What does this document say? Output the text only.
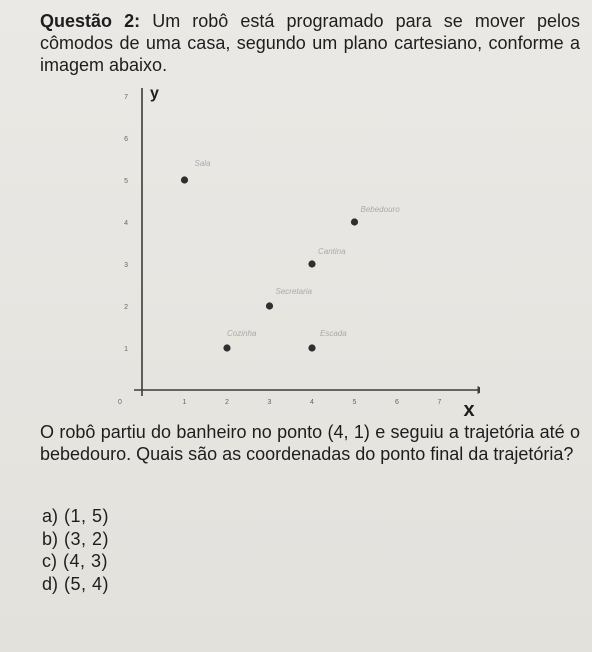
Questão 2: Um robô está programado para se mover pelos cômodos de uma casa, segundo um plano cartesiano, conforme a imagem abaixo.
x
y
0	1	2	3	4	5	6	7
1
2
3
4
5
6
7
Sala
Bebedouro
Cantina
Secretaria
Cozinha	Escada
O robô partiu do banheiro no ponto (4, 1) e seguiu a trajetória até o bebedouro. Quais são as coordenadas do ponto final da trajetória?
a) (1, 5)
b) (3, 2)
c) (4, 3)
d) (5, 4)
